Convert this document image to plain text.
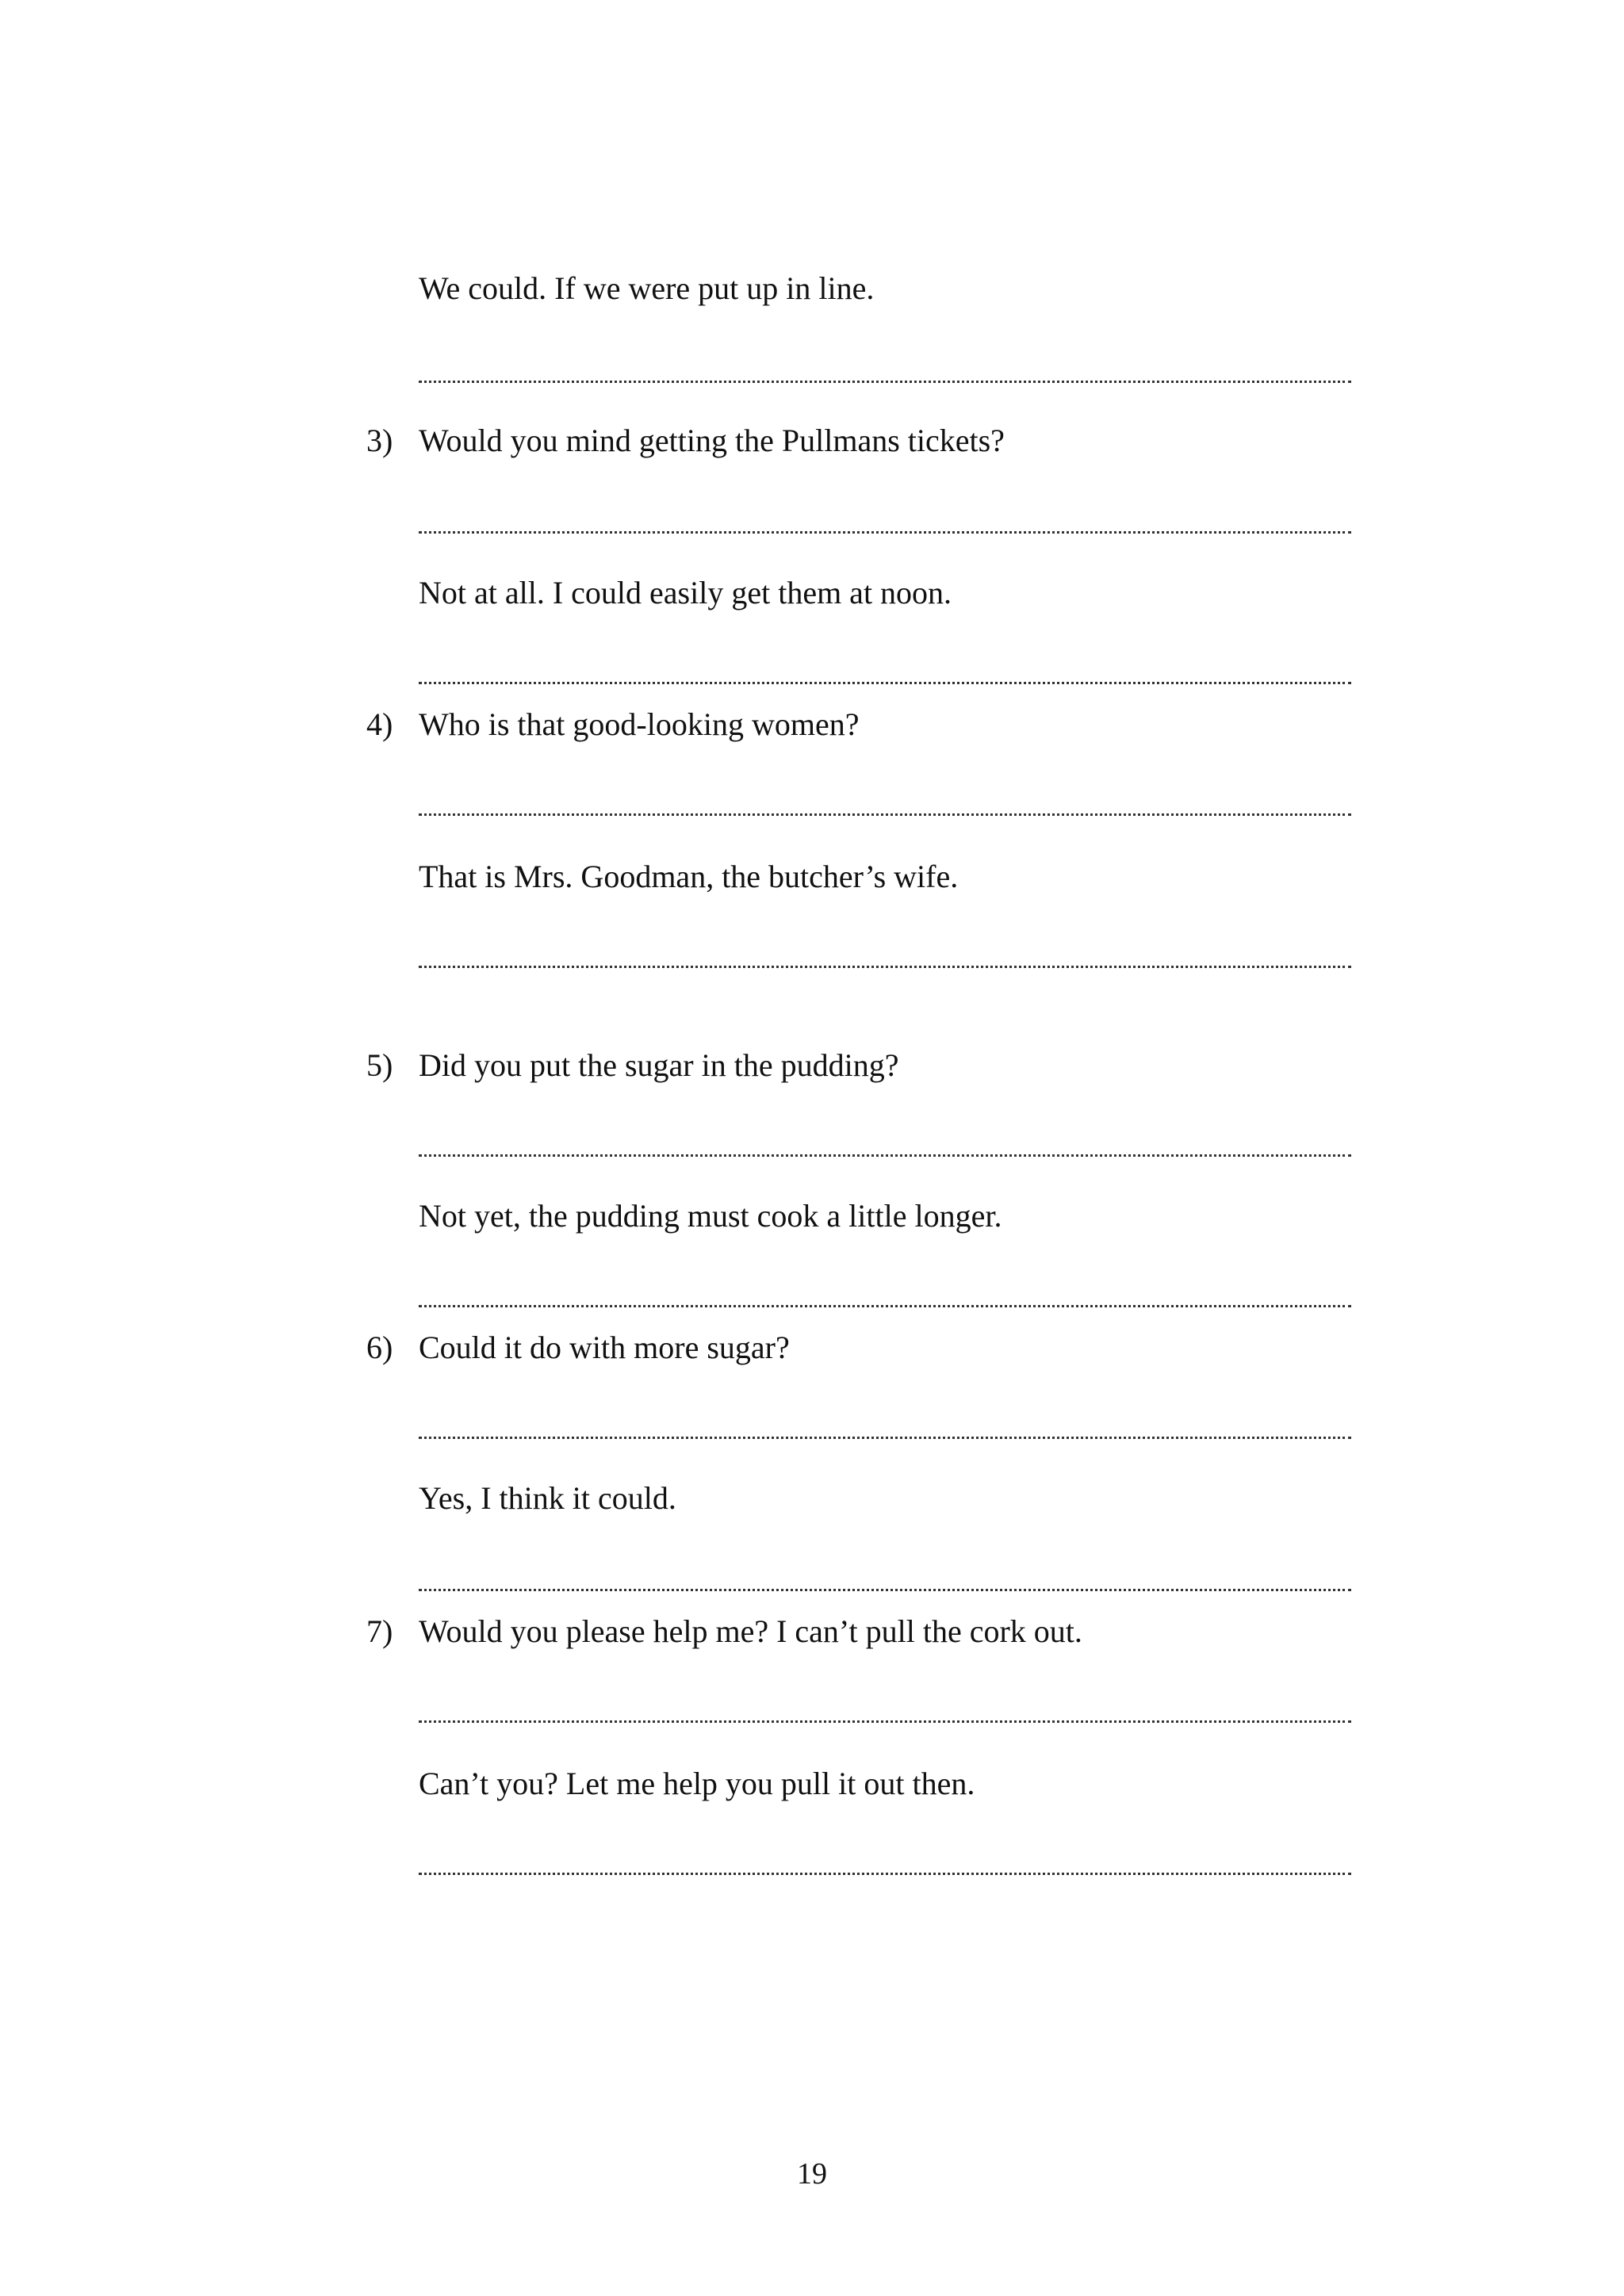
We could. If we were put up in line.
3) Would you mind getting the Pullmans tickets?
Not at all. I could easily get them at noon.
4) Who is that good-looking women?
That is Mrs. Goodman, the butcher’s wife.
5) Did you put the sugar in the pudding?
Not yet, the pudding must cook a little longer.
6) Could it do with more sugar?
Yes, I think it could.
7) Would you please help me? I can’t pull the cork out.
Can’t you? Let me help you pull it out then.
19
